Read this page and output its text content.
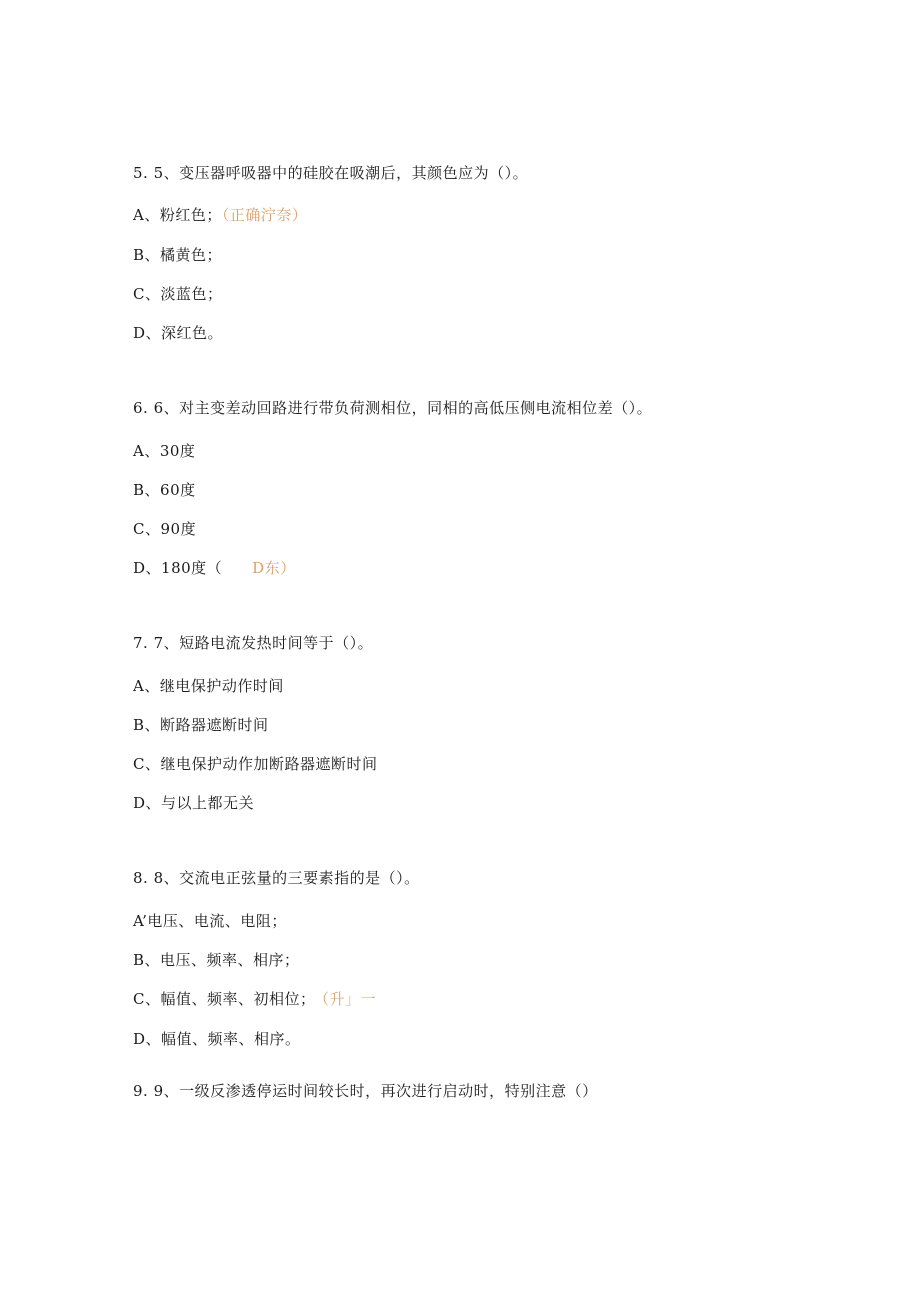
5. 5、变压器呼吸器中的硅胶在吸潮后，其颜色应为（）。
A、粉红色；（正确泞奈）
B、橘黄色；
C、淡蓝色；
D、深红色。
6. 6、对主变差动回路进行带负荷测相位，同相的高低压侧电流相位差（）。
A、30度
B、60度
C、90度
D、180度（ D东）
7. 7、短路电流发热时间等于（）。
A、继电保护动作时间
B、断路器遮断时间
C、继电保护动作加断路器遮断时间
D、与以上都无关
8. 8、交流电正弦量的三要素指的是（）。
A’电压、电流、电阻；
B、电压、频率、相序；
C、幅值、频率、初相位； （升」一
D、幅值、频率、相序。
9. 9、一级反渗透停运时间较长时，再次进行启动时，特别注意（）
